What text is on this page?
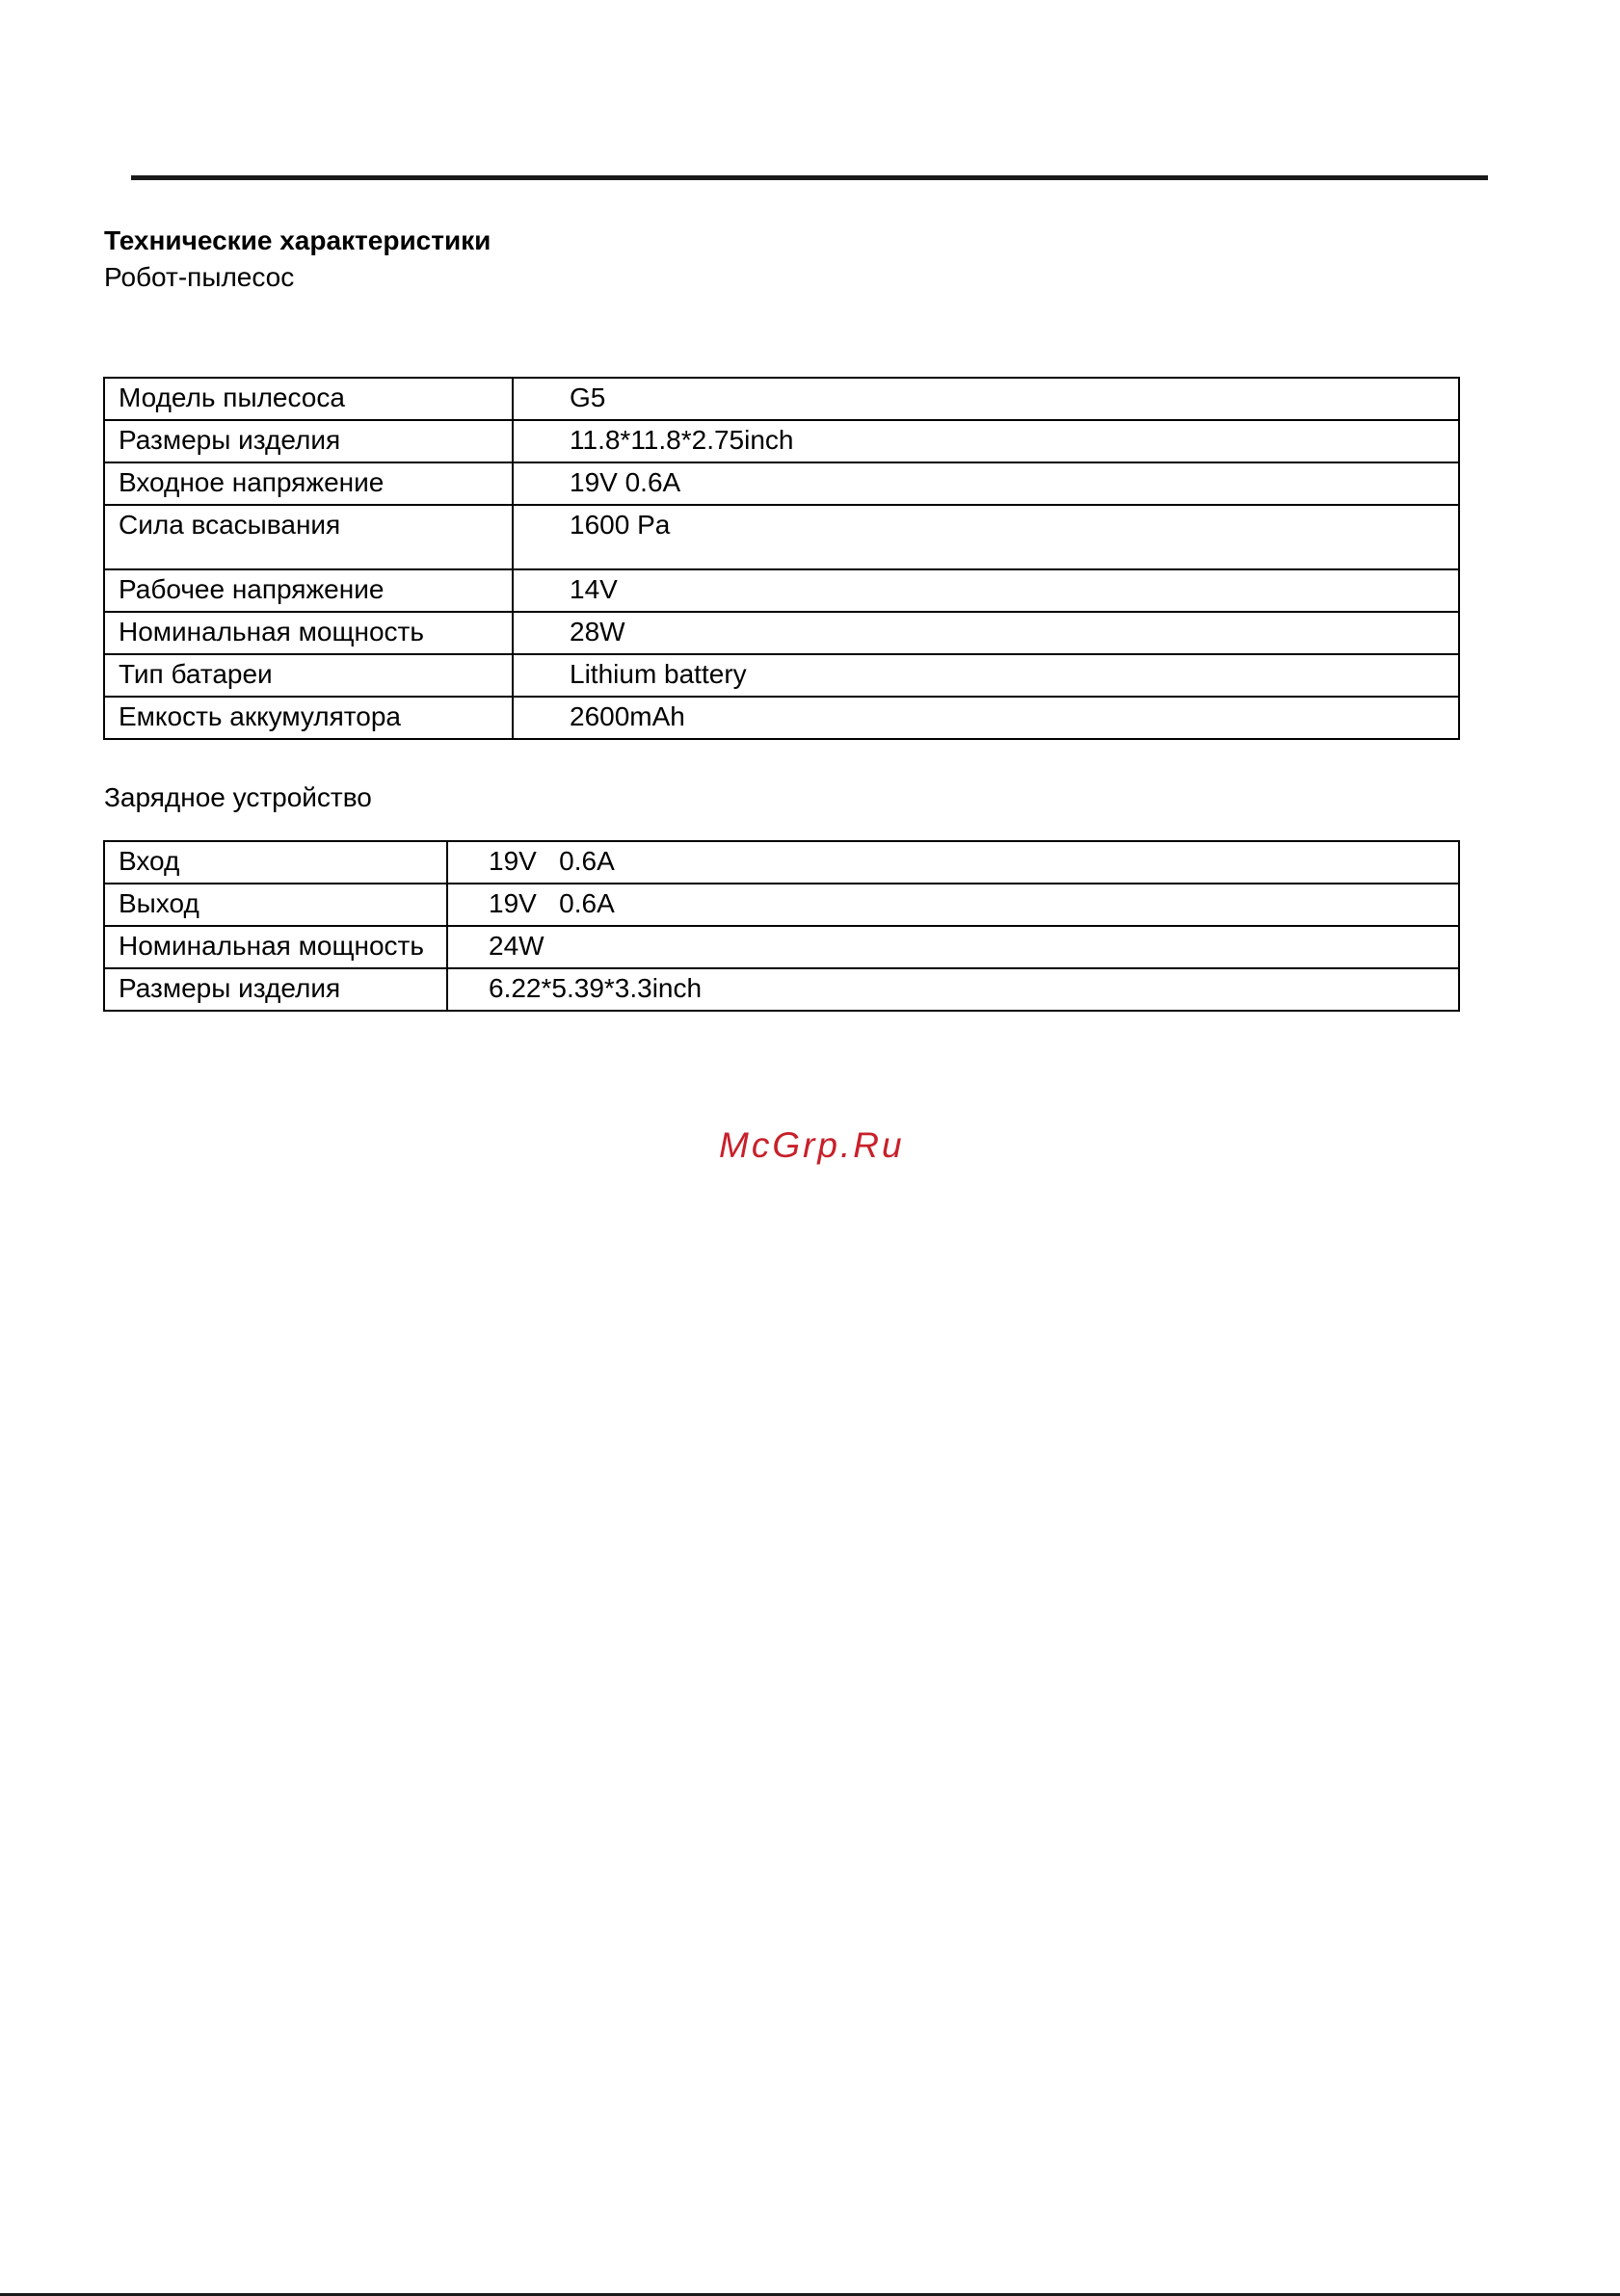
Технические характеристики
Робот-пылесос
Модель пылесоса	G5
Размеры изделия	11.8*11.8*2.75inch
Входное напряжение	19V 0.6A
Сила всасывания	1600 Pa
Рабочее напряжение	14V
Номинальная мощность	28W
Тип батареи	Lithium battery
Емкость аккумулятора	2600mAh
Зарядное устройство
Вход	19V   0.6A
Выход	19V   0.6A
Номинальная мощность	24W
Размеры изделия	6.22*5.39*3.3inch
McGrp.Ru
